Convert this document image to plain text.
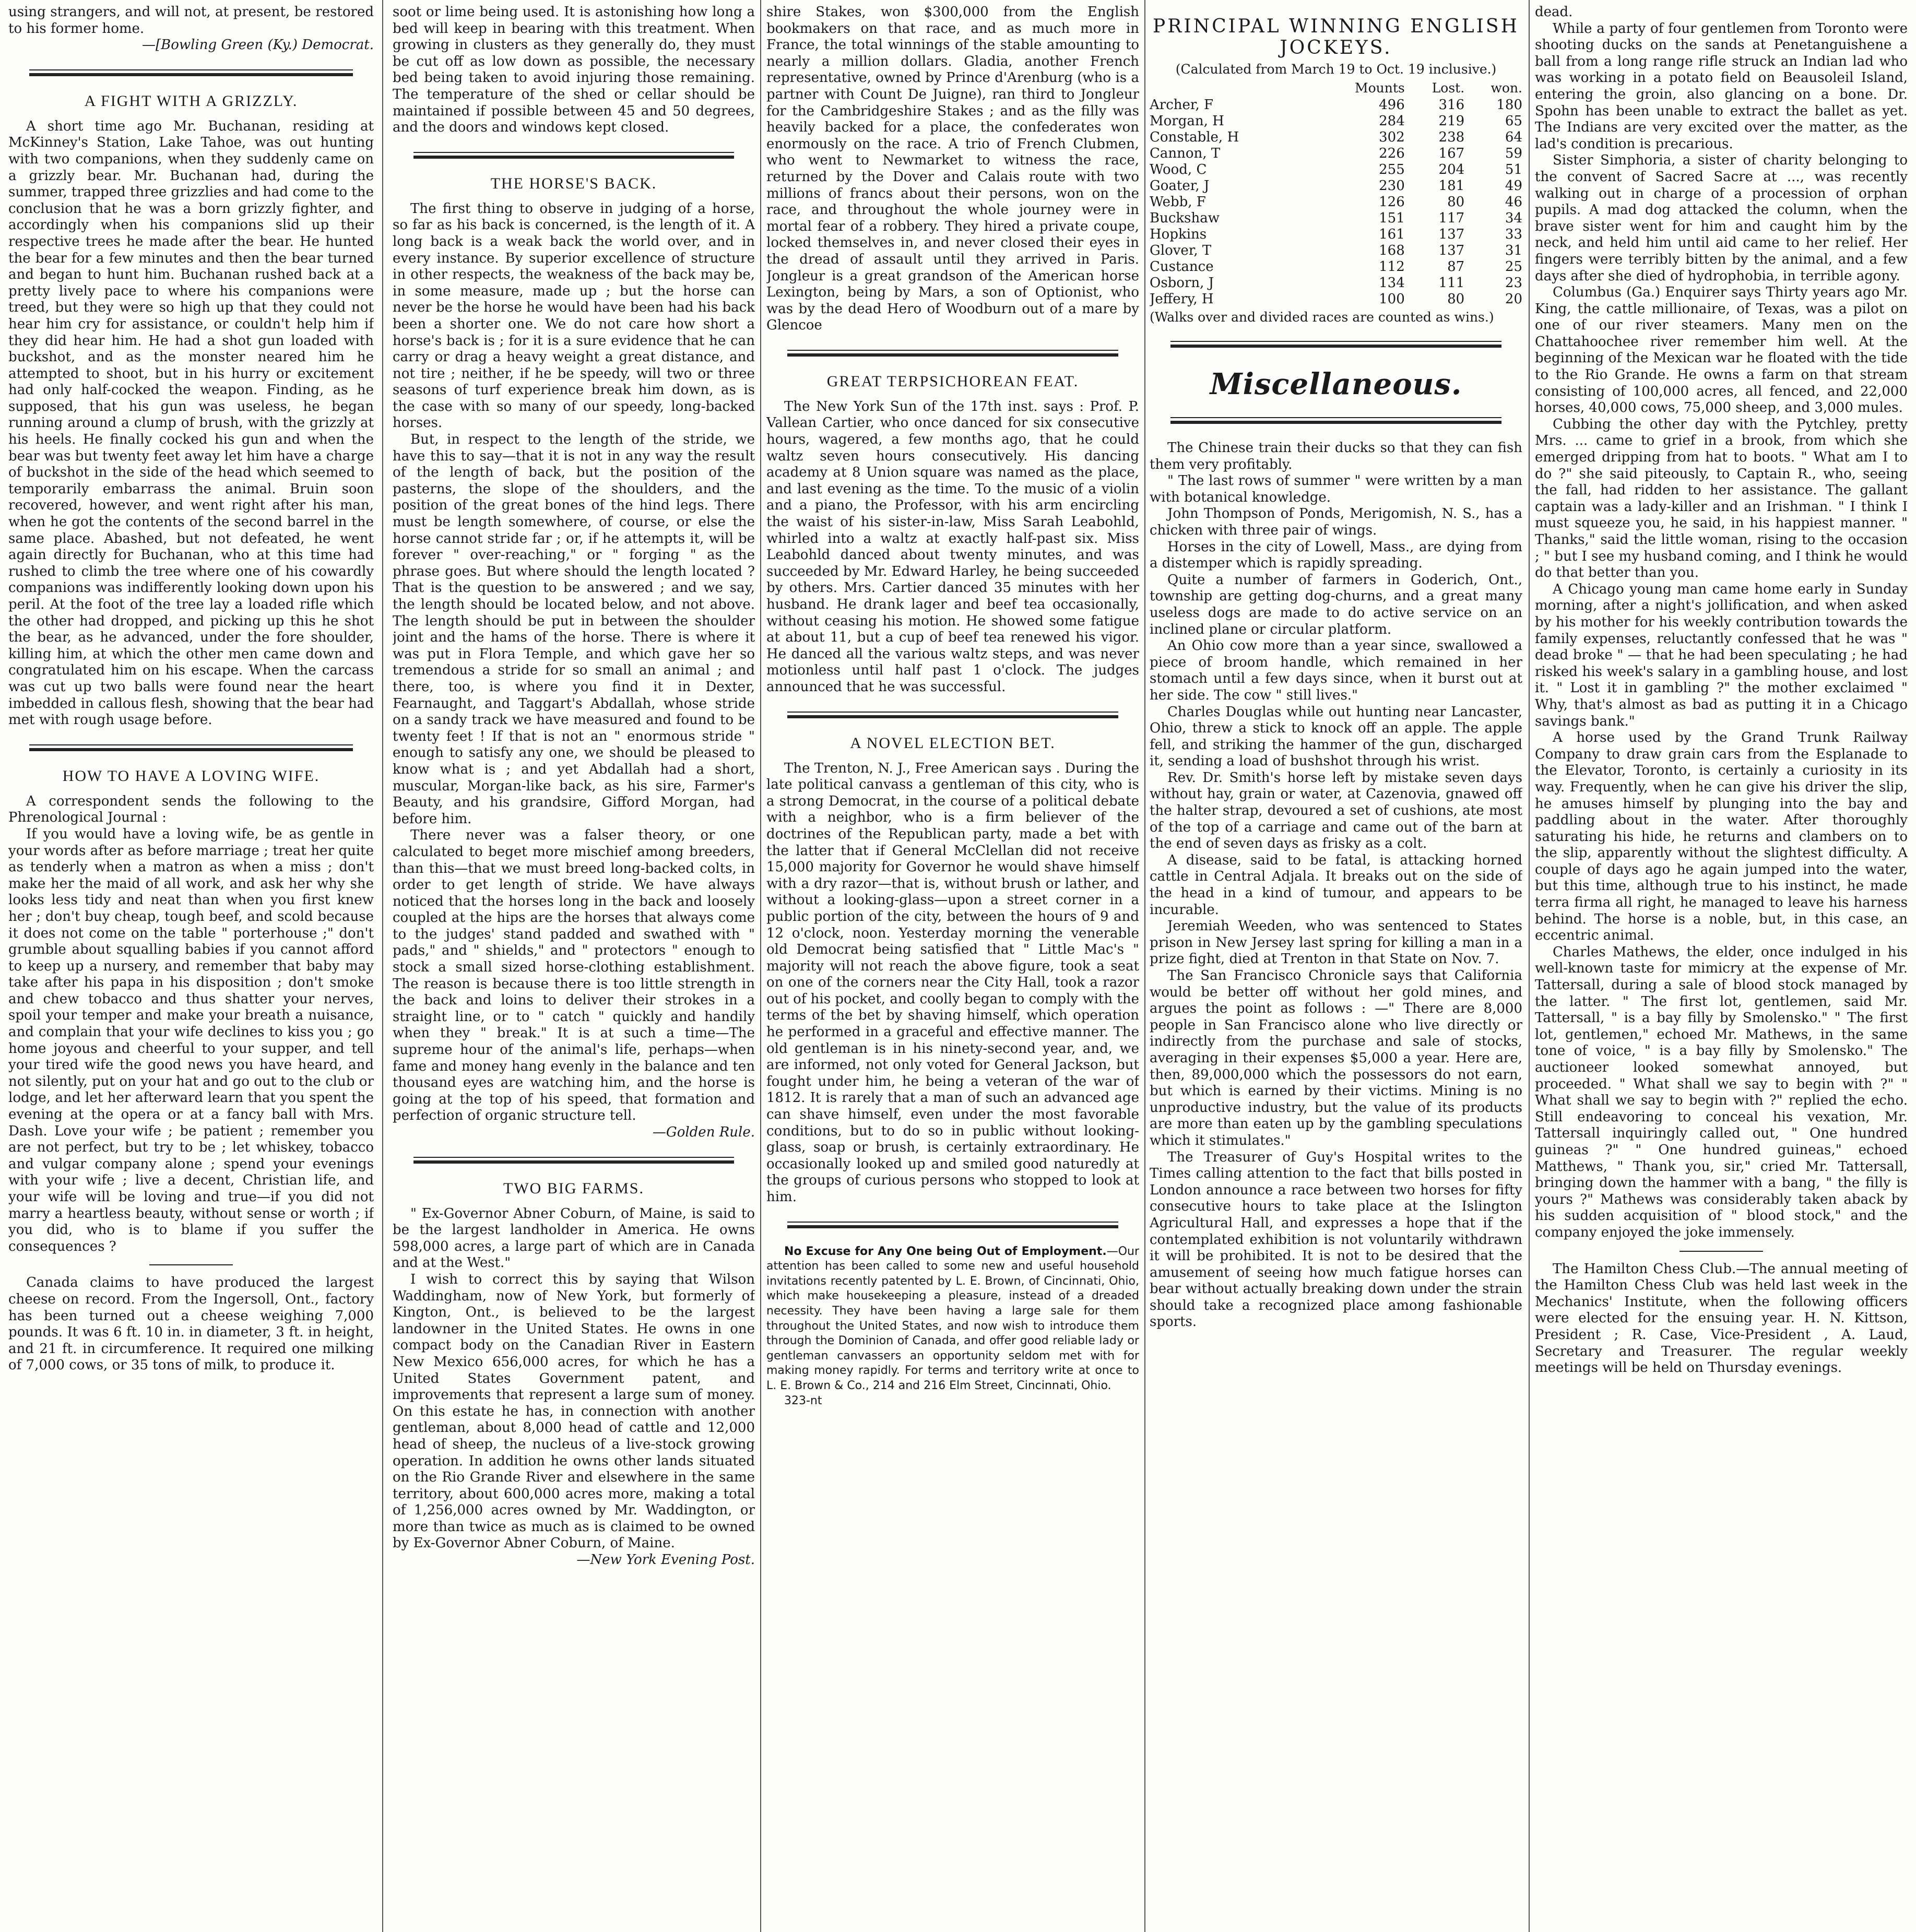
using strangers, and will not, at present, be restored to his former home.

—[Bowling Green (Ky.) Democrat.

A FIGHT WITH A GRIZZLY.

A short time ago Mr. Buchanan, residing at McKinney's Station, Lake Tahoe, was out hunting with two companions, when they suddenly came on a grizzly bear. Mr. Buchanan had, during the summer, trapped three grizzlies and had come to the conclusion that he was a born grizzly fighter, and accordingly when his companions slid up their respective trees he made after the bear. He hunted the bear for a few minutes and then the bear turned and began to hunt him. Buchanan rushed back at a pretty lively pace to where his companions were treed, but they were so high up that they could not hear him cry for assistance, or couldn't help him if they did hear him. He had a shot gun loaded with buckshot, and as the monster neared him he attempted to shoot, but in his hurry or excitement had only half-cocked the weapon. Finding, as he supposed, that his gun was useless, he began running around a clump of brush, with the grizzly at his heels. He finally cocked his gun and when the bear was but twenty feet away let him have a charge of buckshot in the side of the head which seemed to temporarily embarrass the animal. Bruin soon recovered, however, and went right after his man, when he got the contents of the second barrel in the same place. Abashed, but not defeated, he went again directly for Buchanan, who at this time had rushed to climb the tree where one of his cowardly companions was indifferently looking down upon his peril. At the foot of the tree lay a loaded rifle which the other had dropped, and picking up this he shot the bear, as he advanced, under the fore shoulder, killing him, at which the other men came down and congratulated him on his escape. When the carcass was cut up two balls were found near the heart imbedded in callous flesh, showing that the bear had met with rough usage before.

HOW TO HAVE A LOVING WIFE.

A correspondent sends the following to the Phrenological Journal :

If you would have a loving wife, be as gentle in your words after as before marriage ; treat her quite as tenderly when a matron as when a miss ; don't make her the maid of all work, and ask her why she looks less tidy and neat than when you first knew her ; don't buy cheap, tough beef, and scold because it does not come on the table " porterhouse ;" don't grumble about squalling babies if you cannot afford to keep up a nursery, and remember that baby may take after his papa in his disposition ; don't smoke and chew tobacco and thus shatter your nerves, spoil your temper and make your breath a nuisance, and complain that your wife declines to kiss you ; go home joyous and cheerful to your supper, and tell your tired wife the good news you have heard, and not silently, put on your hat and go out to the club or lodge, and let her afterward learn that you spent the evening at the opera or at a fancy ball with Mrs. Dash. Love your wife ; be patient ; remember you are not perfect, but try to be ; let whiskey, tobacco and vulgar company alone ; spend your evenings with your wife ; live a decent, Christian life, and your wife will be loving and true—if you did not marry a heartless beauty, without sense or worth ; if you did, who is to blame if you suffer the consequences ?

Canada claims to have produced the largest cheese on record. From the Ingersoll, Ont., factory has been turned out a cheese weighing 7,000 pounds. It was 6 ft. 10 in. in diameter, 3 ft. in height, and 21 ft. in circumference. It required one milking of 7,000 cows, or 35 tons of milk, to produce it.

soot or lime being used. It is astonishing how long a bed will keep in bearing with this treatment. When growing in clusters as they generally do, they must be cut off as low down as possible, the necessary bed being taken to avoid injuring those remaining. The temperature of the shed or cellar should be maintained if possible between 45 and 50 degrees, and the doors and windows kept closed.

THE HORSE'S BACK.

The first thing to observe in judging of a horse, so far as his back is concerned, is the length of it. A long back is a weak back the world over, and in every instance. By superior excellence of structure in other respects, the weakness of the back may be, in some measure, made up ; but the horse can never be the horse he would have been had his back been a shorter one. We do not care how short a horse's back is ; for it is a sure evidence that he can carry or drag a heavy weight a great distance, and not tire ; neither, if he be speedy, will two or three seasons of turf experience break him down, as is the case with so many of our speedy, long-backed horses.

But, in respect to the length of the stride, we have this to say—that it is not in any way the result of the length of back, but the position of the pasterns, the slope of the shoulders, and the position of the great bones of the hind legs. There must be length somewhere, of course, or else the horse cannot stride far ; or, if he attempts it, will be forever " over-reaching," or " forging " as the phrase goes. But where should the length located ? That is the question to be answered ; and we say, the length should be located below, and not above. The length should be put in between the shoulder joint and the hams of the horse. There is where it was put in Flora Temple, and which gave her so tremendous a stride for so small an animal ; and there, too, is where you find it in Dexter, Fearnaught, and Taggart's Abdallah, whose stride on a sandy track we have measured and found to be twenty feet ! If that is not an " enormous stride " enough to satisfy any one, we should be pleased to know what is ; and yet Abdallah had a short, muscular, Morgan-like back, as his sire, Farmer's Beauty, and his grandsire, Gifford Morgan, had before him.

There never was a falser theory, or one calculated to beget more mischief among breeders, than this—that we must breed long-backed colts, in order to get length of stride. We have always noticed that the horses long in the back and loosely coupled at the hips are the horses that always come to the judges' stand padded and swathed with " pads," and " shields," and " protectors " enough to stock a small sized horse-clothing establishment. The reason is because there is too little strength in the back and loins to deliver their strokes in a straight line, or to " catch " quickly and handily when they " break." It is at such a time—The supreme hour of the animal's life, perhaps—when fame and money hang evenly in the balance and ten thousand eyes are watching him, and the horse is going at the top of his speed, that formation and perfection of organic structure tell.

—Golden Rule.

TWO BIG FARMS.

" Ex-Governor Abner Coburn, of Maine, is said to be the largest landholder in America. He owns 598,000 acres, a large part of which are in Canada and at the West."

I wish to correct this by saying that Wilson Waddingham, now of New York, but formerly of Kington, Ont., is believed to be the largest landowner in the United States. He owns in one compact body on the Canadian River in Eastern New Mexico 656,000 acres, for which he has a United States Government patent, and improvements that represent a large sum of money. On this estate he has, in connection with another gentleman, about 8,000 head of cattle and 12,000 head of sheep, the nucleus of a live-stock growing operation. In addition he owns other lands situated on the Rio Grande River and elsewhere in the same territory, about 600,000 acres more, making a total of 1,256,000 acres owned by Mr. Waddington, or more than twice as much as is claimed to be owned by Ex-Governor Abner Coburn, of Maine.

—New York Evening Post.

shire Stakes, won $300,000 from the English bookmakers on that race, and as much more in France, the total winnings of the stable amounting to nearly a million dollars. Gladia, another French representative, owned by Prince d'Arenburg (who is a partner with Count De Juigne), ran third to Jongleur for the Cambridgeshire Stakes ; and as the filly was heavily backed for a place, the confederates won enormously on the race. A trio of French Clubmen, who went to Newmarket to witness the race, returned by the Dover and Calais route with two millions of francs about their persons, won on the race, and throughout the whole journey were in mortal fear of a robbery. They hired a private coupe, locked themselves in, and never closed their eyes in the dread of assault until they arrived in Paris. Jongleur is a great grandson of the American horse Lexington, being by Mars, a son of Optionist, who was by the dead Hero of Woodburn out of a mare by Glencoe

GREAT TERPSICHOREAN FEAT.

The New York Sun of the 17th inst. says : Prof. P. Vallean Cartier, who once danced for six consecutive hours, wagered, a few months ago, that he could waltz seven hours consecutively. His dancing academy at 8 Union square was named as the place, and last evening as the time. To the music of a violin and a piano, the Professor, with his arm encircling the waist of his sister-in-law, Miss Sarah Leabohld, whirled into a waltz at exactly half-past six. Miss Leabohld danced about twenty minutes, and was succeeded by Mr. Edward Harley, he being succeeded by others. Mrs. Cartier danced 35 minutes with her husband. He drank lager and beef tea occasionally, without ceasing his motion. He showed some fatigue at about 11, but a cup of beef tea renewed his vigor. He danced all the various waltz steps, and was never motionless until half past 1 o'clock. The judges announced that he was successful.

A NOVEL ELECTION BET.

The Trenton, N. J., Free American says . During the late political canvass a gentleman of this city, who is a strong Democrat, in the course of a political debate with a neighbor, who is a firm believer of the doctrines of the Republican party, made a bet with the latter that if General McClellan did not receive 15,000 majority for Governor he would shave himself with a dry razor—that is, without brush or lather, and without a looking-glass—upon a street corner in a public portion of the city, between the hours of 9 and 12 o'clock, noon. Yesterday morning the venerable old Democrat being satisfied that " Little Mac's " majority will not reach the above figure, took a seat on one of the corners near the City Hall, took a razor out of his pocket, and coolly began to comply with the terms of the bet by shaving himself, which operation he performed in a graceful and effective manner. The old gentleman is in his ninety-second year, and, we are informed, not only voted for General Jackson, but fought under him, he being a veteran of the war of 1812. It is rarely that a man of such an advanced age can shave himself, even under the most favorable conditions, but to do so in public without looking-glass, soap or brush, is certainly extraordinary. He occasionally looked up and smiled good naturedly at the groups of curious persons who stopped to look at him.

No Excuse for Any One being Out of Employment.—Our attention has been called to some new and useful household invitations recently patented by L. E. Brown, of Cincinnati, Ohio, which make housekeeping a pleasure, instead of a dreaded necessity. They have been having a large sale for them throughout the United States, and now wish to introduce them through the Dominion of Canada, and offer good reliable lady or gentleman canvassers an opportunity seldom met with for making money rapidly. For terms and territory write at once to L. E. Brown & Co., 214 and 216 Elm Street, Cincinnati, Ohio.

323-nt

PRINCIPAL WINNING ENGLISH JOCKEYS.
(Calculated from March 19 to Oct. 19 inclusive.)
	Mounts	Lost.	won.
Archer, F	496	316	180
Morgan, H	284	219	65
Constable, H	302	238	64
Cannon, T	226	167	59
Wood, C	255	204	51
Goater, J	230	181	49
Webb, F	126	80	46
Buckshaw	151	117	34
Hopkins	161	137	33
Glover, T	168	137	31
Custance	112	87	25
Osborn, J	134	111	23
Jeffery, H	100	80	20
(Walks over and divided races are counted as wins.)
Miscellaneous.

The Chinese train their ducks so that they can fish them very profitably.

" The last rows of summer " were written by a man with botanical knowledge.

John Thompson of Ponds, Merigomish, N. S., has a chicken with three pair of wings.

Horses in the city of Lowell, Mass., are dying from a distemper which is rapidly spreading.

Quite a number of farmers in Goderich, Ont., township are getting dog-churns, and a great many useless dogs are made to do active service on an inclined plane or circular platform.

An Ohio cow more than a year since, swallowed a piece of broom handle, which remained in her stomach until a few days since, when it burst out at her side. The cow " still lives."

Charles Douglas while out hunting near Lancaster, Ohio, threw a stick to knock off an apple. The apple fell, and striking the hammer of the gun, discharged it, sending a load of bushshot through his wrist.

Rev. Dr. Smith's horse left by mistake seven days without hay, grain or water, at Cazenovia, gnawed off the halter strap, devoured a set of cushions, ate most of the top of a carriage and came out of the barn at the end of seven days as frisky as a colt.

A disease, said to be fatal, is attacking horned cattle in Central Adjala. It breaks out on the side of the head in a kind of tumour, and appears to be incurable.

Jeremiah Weeden, who was sentenced to States prison in New Jersey last spring for killing a man in a prize fight, died at Trenton in that State on Nov. 7.

The San Francisco Chronicle says that California would be better off without her gold mines, and argues the point as follows : —" There are 8,000 people in San Francisco alone who live directly or indirectly from the purchase and sale of stocks, averaging in their expenses $5,000 a year. Here are, then, 89,000,000 which the possessors do not earn, but which is earned by their victims. Mining is no unproductive industry, but the value of its products are more than eaten up by the gambling speculations which it stimulates."

The Treasurer of Guy's Hospital writes to the Times calling attention to the fact that bills posted in London announce a race between two horses for fifty consecutive hours to take place at the Islington Agricultural Hall, and expresses a hope that if the contemplated exhibition is not voluntarily withdrawn it will be prohibited. It is not to be desired that the amusement of seeing how much fatigue horses can bear without actually breaking down under the strain should take a recognized place among fashionable sports.

dead.

While a party of four gentlemen from Toronto were shooting ducks on the sands at Penetanguishene a ball from a long range rifle struck an Indian lad who was working in a potato field on Beausoleil Island, entering the groin, also glancing on a bone. Dr. Spohn has been unable to extract the ballet as yet. The Indians are very excited over the matter, as the lad's condition is precarious.

Sister Simphoria, a sister of charity belonging to the convent of Sacred Sacre at ..., was recently walking out in charge of a procession of orphan pupils. A mad dog attacked the column, when the brave sister went for him and caught him by the neck, and held him until aid came to her relief. Her fingers were terribly bitten by the animal, and a few days after she died of hydrophobia, in terrible agony.

Columbus (Ga.) Enquirer says Thirty years ago Mr. King, the cattle millionaire, of Texas, was a pilot on one of our river steamers. Many men on the Chattahoochee river remember him well. At the beginning of the Mexican war he floated with the tide to the Rio Grande. He owns a farm on that stream consisting of 100,000 acres, all fenced, and 22,000 horses, 40,000 cows, 75,000 sheep, and 3,000 mules.

Cubbing the other day with the Pytchley, pretty Mrs. ... came to grief in a brook, from which she emerged dripping from hat to boots. " What am I to do ?" she said piteously, to Captain R., who, seeing the fall, had ridden to her assistance. The gallant captain was a lady-killer and an Irishman. " I think I must squeeze you, he said, in his happiest manner. " Thanks," said the little woman, rising to the occasion ; " but I see my husband coming, and I think he would do that better than you.

A Chicago young man came home early in Sunday morning, after a night's jollification, and when asked by his mother for his weekly contribution towards the family expenses, reluctantly confessed that he was " dead broke " — that he had been speculating ; he had risked his week's salary in a gambling house, and lost it. " Lost it in gambling ?" the mother exclaimed " Why, that's almost as bad as putting it in a Chicago savings bank."

A horse used by the Grand Trunk Railway Company to draw grain cars from the Esplanade to the Elevator, Toronto, is certainly a curiosity in its way. Frequently, when he can give his driver the slip, he amuses himself by plunging into the bay and paddling about in the water. After thoroughly saturating his hide, he returns and clambers on to the slip, apparently without the slightest difficulty. A couple of days ago he again jumped into the water, but this time, although true to his instinct, he made terra firma all right, he managed to leave his harness behind. The horse is a noble, but, in this case, an eccentric animal.

Charles Mathews, the elder, once indulged in his well-known taste for mimicry at the expense of Mr. Tattersall, during a sale of blood stock managed by the latter. " The first lot, gentlemen, said Mr. Tattersall, " is a bay filly by Smolensko." " The first lot, gentlemen," echoed Mr. Mathews, in the same tone of voice, " is a bay filly by Smolensko." The auctioneer looked somewhat annoyed, but proceeded. " What shall we say to begin with ?" " What shall we say to begin with ?" replied the echo. Still endeavoring to conceal his vexation, Mr. Tattersall inquiringly called out, " One hundred guineas ?" " One hundred guineas," echoed Matthews, " Thank you, sir," cried Mr. Tattersall, bringing down the hammer with a bang, " the filly is yours ?" Mathews was considerably taken aback by his sudden acquisition of " blood stock," and the company enjoyed the joke immensely.

The Hamilton Chess Club.—The annual meeting of the Hamilton Chess Club was held last week in the Mechanics' Institute, when the following officers were elected for the ensuing year. H. N. Kittson, President ; R. Case, Vice-President , A. Laud, Secretary and Treasurer. The regular weekly meetings will be held on Thursday evenings.
